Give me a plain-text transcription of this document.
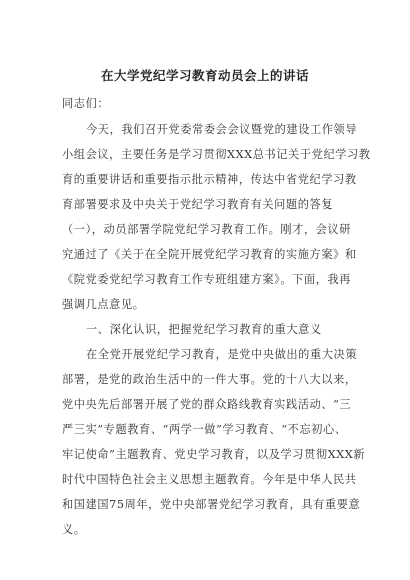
在大学党纪学习教育动员会上的讲话
同志们：
今天，我们召开党委常委会会议暨党的建设工作领导
小组会议，主要任务是学习贯彻XXX总书记关于党纪学习教
育的重要讲话和重要指示批示精神，传达中省党纪学习教
育部署要求及中央关于党纪学习教育有关问题的答复
（一），动员部署学院党纪学习教育工作。刚才，会议研
究通过了《关于在全院开展党纪学习教育的实施方案》和
《院党委党纪学习教育工作专班组建方案》。下面，我再
强调几点意见。
一、深化认识，把握党纪学习教育的重大意义
在全党开展党纪学习教育，是党中央做出的重大决策
部署，是党的政治生活中的一件大事。党的十八大以来，
党中央先后部署开展了党的群众路线教育实践活动、“三
严三实”专题教育、“两学一做”学习教育、“不忘初心、
牢记使命”主题教育、党史学习教育，以及学习贯彻XXX新
时代中国特色社会主义思想主题教育。今年是中华人民共
和国建国75周年，党中央部署党纪学习教育，具有重要意
义。
